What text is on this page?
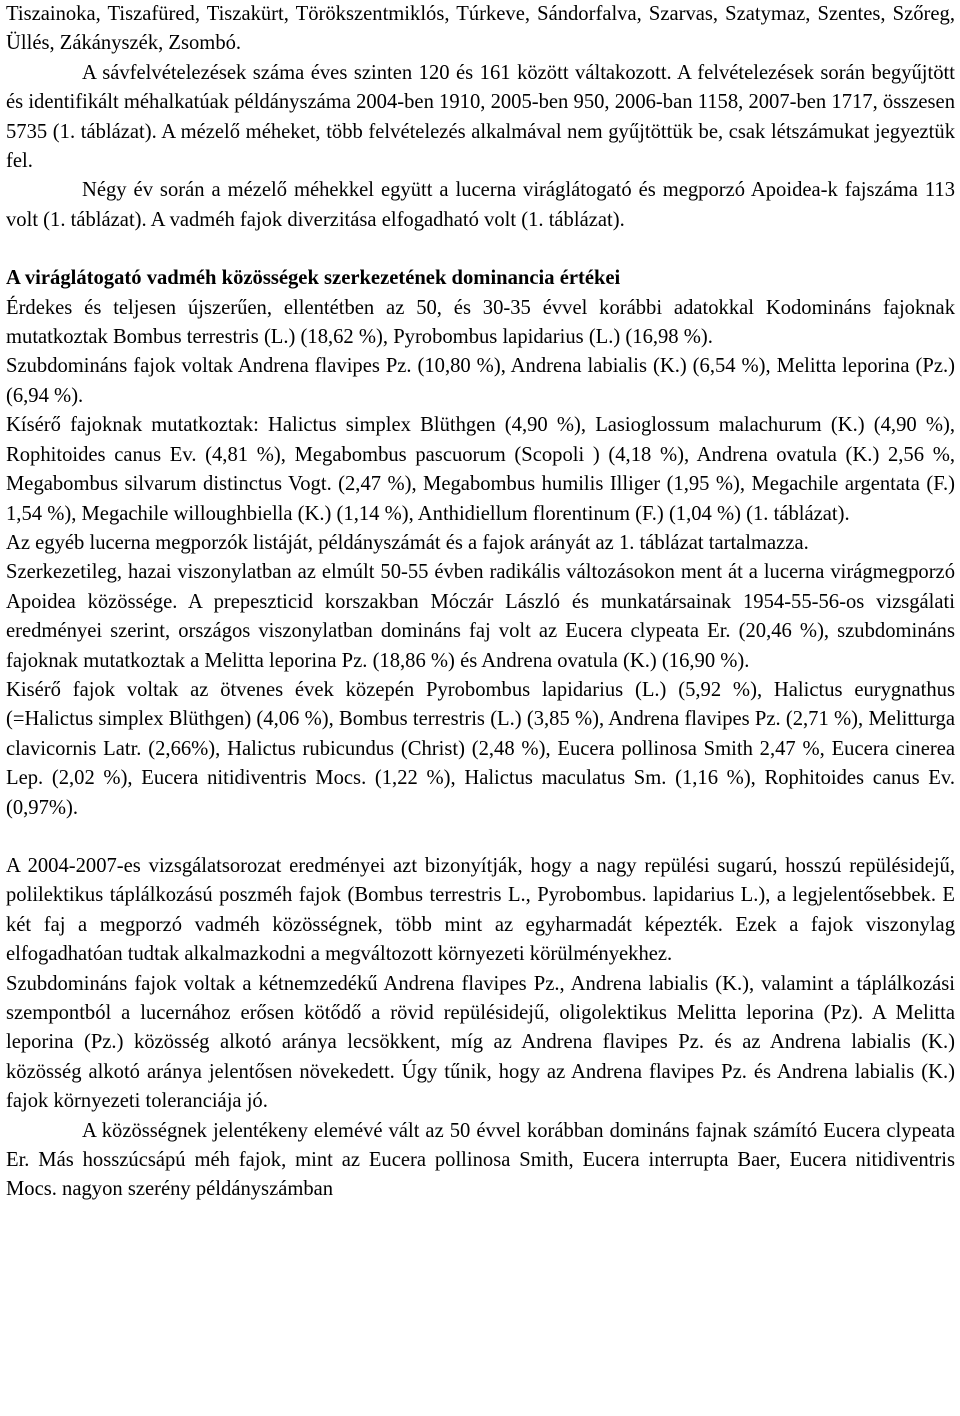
Tiszainoka, Tiszafüred, Tiszakürt, Törökszentmiklós, Túrkeve, Sándorfalva, Szarvas, Szatymaz, Szentes, Szőreg, Üllés, Zákányszék, Zsombó.

A sávfelvételezések száma éves szinten 120 és 161 között váltakozott. A felvételezések során begyűjtött és identifikált méhalkatúak példányszáma 2004-ben 1910, 2005-ben 950, 2006-ban 1158, 2007-ben 1717, összesen 5735 (1. táblázat). A mézelő méheket, több felvételezés alkalmával nem gyűjtöttük be, csak létszámukat jegyeztük fel.

Négy év során a mézelő méhekkel együtt a lucerna viráglátogató és megporzó Apoidea-k fajszáma 113 volt (1. táblázat). A vadméh fajok diverzitása elfogadható volt (1. táblázat).

A viráglátogató vadméh közösségek szerkezetének dominancia értékei

Érdekes és teljesen újszerűen, ellentétben az 50, és 30-35 évvel korábbi adatokkal Kodomináns fajoknak mutatkoztak Bombus terrestris (L.) (18,62 %), Pyrobombus lapidarius (L.) (16,98 %).

Szubdomináns fajok voltak Andrena flavipes Pz. (10,80 %), Andrena labialis (K.) (6,54 %), Melitta leporina (Pz.) (6,94 %).

Kísérő fajoknak mutatkoztak: Halictus simplex Blüthgen (4,90 %), Lasioglossum malachurum (K.) (4,90 %), Rophitoides canus Ev. (4,81 %), Megabombus pascuorum (Scopoli ) (4,18 %), Andrena ovatula (K.) 2,56 %, Megabombus silvarum distinctus Vogt. (2,47 %), Megabombus humilis Illiger (1,95 %), Megachile argentata (F.) 1,54 %), Megachile willoughbiella (K.) (1,14 %), Anthidiellum florentinum (F.) (1,04 %) (1. táblázat).

Az egyéb lucerna megporzók listáját, példányszámát és a fajok arányát az 1. táblázat tartalmazza.

Szerkezetileg, hazai viszonylatban az elmúlt 50-55 évben radikális változásokon ment át a lucerna virágmegporzó Apoidea közössége. A prepeszticid korszakban Móczár László és munkatársainak 1954-55-56-os vizsgálati eredményei szerint, országos viszonylatban domináns faj volt az Eucera clypeata Er. (20,46 %), szubdomináns fajoknak mutatkoztak a Melitta leporina Pz. (18,86 %) és Andrena ovatula (K.) (16,90 %).

Kisérő fajok voltak az ötvenes évek közepén Pyrobombus lapidarius (L.) (5,92 %), Halictus eurygnathus (=Halictus simplex Blüthgen) (4,06 %), Bombus terrestris (L.) (3,85 %), Andrena flavipes Pz. (2,71 %), Melitturga clavicornis Latr. (2,66%), Halictus rubicundus (Christ) (2,48 %), Eucera pollinosa Smith 2,47 %, Eucera cinerea Lep. (2,02 %), Eucera nitidiventris Mocs. (1,22 %), Halictus maculatus Sm. (1,16 %), Rophitoides canus Ev. (0,97%).

A 2004-2007-es vizsgálatsorozat eredményei azt bizonyítják, hogy a nagy repülési sugarú, hosszú repülésidejű, polilektikus táplálkozású poszméh fajok (Bombus terrestris L., Pyrobombus. lapidarius L.), a legjelentősebbek. E két faj a megporzó vadméh közösségnek, több mint az egyharmadát képezték. Ezek a fajok viszonylag elfogadhatóan tudtak alkalmazkodni a megváltozott környezeti körülményekhez.

Szubdomináns fajok voltak a kétnemzedékű Andrena flavipes Pz., Andrena labialis (K.), valamint a táplálkozási szempontból a lucernához erősen kötődő a rövid repülésidejű, oligolektikus Melitta leporina (Pz). A Melitta leporina (Pz.) közösség alkotó aránya lecsökkent, míg az Andrena flavipes Pz. és az Andrena labialis (K.) közösség alkotó aránya jelentősen növekedett. Úgy tűnik, hogy az Andrena flavipes Pz. és Andrena labialis (K.) fajok környezeti toleranciája jó.

A közösségnek jelentékeny elemévé vált az 50 évvel korábban domináns fajnak számító Eucera clypeata Er. Más hosszúcsápú méh fajok, mint az Eucera pollinosa Smith, Eucera interrupta Baer, Eucera nitidiventris Mocs. nagyon szerény példányszámban
